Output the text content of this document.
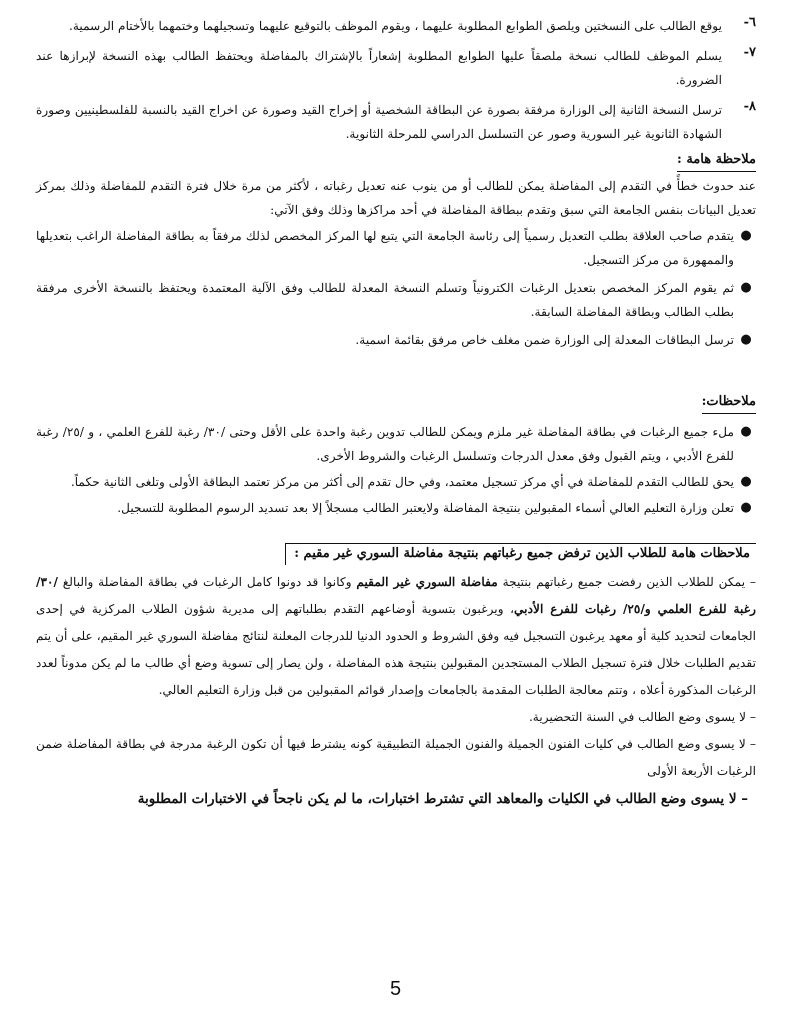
٦-
يوقع الطالب على النسختين ويلصق الطوابع المطلوبة عليهما ، ويقوم الموظف بالتوقيع عليهما وتسجيلهما وختمهما بالأختام الرسمية.
٧-
يسلم الموظف للطالب نسخة ملصقاً عليها الطوابع المطلوبة إشعاراً بالإشتراك بالمفاضلة ويحتفظ الطالب بهذه النسخة لإبرازها عند الضرورة.
٨-
ترسل النسخة الثانية إلى الوزارة مرفقة بصورة عن البطاقة الشخصية أو إخراج القيد وصورة عن اخراج القيد بالنسبة للفلسطينيين وصورة الشهادة الثانوية غير السورية وصور عن التسلسل الدراسي للمرحلة الثانوية.
ملاحظة هامة :
عند حدوث خطأً في التقدم إلى المفاضلة يمكن للطالب أو من ينوب عنه تعديل رغباته ، لأكثر من مرة خلال فترة التقدم للمفاضلة وذلك بمركز تعديل البيانات بنفس الجامعة التي سبق وتقدم ببطاقة المفاضلة في أحد مراكزها وذلك وفق الآتي:
●
يتقدم صاحب العلاقة بطلب التعديل رسمياً إلى رئاسة الجامعة التي يتبع لها المركز المخصص لذلك مرفقاً به بطاقة المفاضلة الراغب بتعديلها والممهورة من مركز التسجيل.
●
ثم يقوم المركز المخصص بتعديل الرغبات الكترونياً وتسلم النسخة المعدلة للطالب وفق الآلية المعتمدة ويحتفظ بالنسخة الأخرى مرفقة بطلب الطالب وبطاقة المفاضلة السابقة.
●
ترسل البطاقات المعدلة إلى الوزارة ضمن مغلف خاص مرفق بقائمة اسمية.
ملاحظات:
●
ملء جميع الرغبات في بطاقة المفاضلة غير ملزم ويمكن للطالب تدوين رغبة واحدة على الأقل وحتى /٣٠/ رغبة للفرع العلمي ، و /٢٥/ رغبة للفرع الأدبي ، ويتم القبول وفق معدل الدرجات وتسلسل الرغبات والشروط الأخرى.
●
يحق للطالب التقدم للمفاضلة في أي مركز تسجيل معتمد، وفي حال تقدم إلى أكثر من مركز تعتمد البطاقة الأولى وتلغى الثانية حكماً.
●
تعلن وزارة التعليم العالي أسماء المقبولين بنتيجة المفاضلة ولايعتبر الطالب مسجلاً إلا بعد تسديد الرسوم المطلوبة للتسجيل.
ملاحظات هامة للطلاب الذين ترفض جميع رغباتهم بنتيجة مفاضلة السوري غير مقيم :
– يمكن للطلاب الذين رفضت جميع رغباتهم بنتيجة مفاضلة السوري غير المقيم وكانوا قد دونوا كامل الرغبات في بطاقة المفاضلة والبالغ /٣٠/ رغبة للفرع العلمي و/٢٥/ رغبات للفرع الأدبي، ويرغبون بتسوية أوضاعهم التقدم بطلباتهم إلى مديرية شؤون الطلاب المركزية في إحدى الجامعات لتحديد كلية أو معهد يرغبون التسجيل فيه وفق الشروط و الحدود الدنيا للدرجات المعلنة لنتائج مفاضلة السوري غير المقيم، على أن يتم تقديم الطلبات خلال فترة تسجيل الطلاب المستجدين المقبولين بنتيجة هذه المفاضلة ، ولن يصار إلى تسوية وضع أي طالب ما لم يكن مدوناً لعدد الرغبات المذكورة أعلاه ، وتتم معالجة الطلبات المقدمة بالجامعات وإصدار قوائم المقبولين من قبل وزارة التعليم العالي.
– لا يسوى وضع الطالب في السنة التحضيرية.
– لا يسوى وضع الطالب في كليات الفنون الجميلة والفنون الجميلة التطبيقية كونه يشترط فيها أن تكون الرغبة مدرجة في بطاقة المفاضلة ضمن الرغبات الأربعة الأولى
– لا يسوى وضع الطالب في الكليات والمعاهد التي تشترط اختبارات، ما لم يكن ناجحاً في الاختبارات المطلوبة
5
